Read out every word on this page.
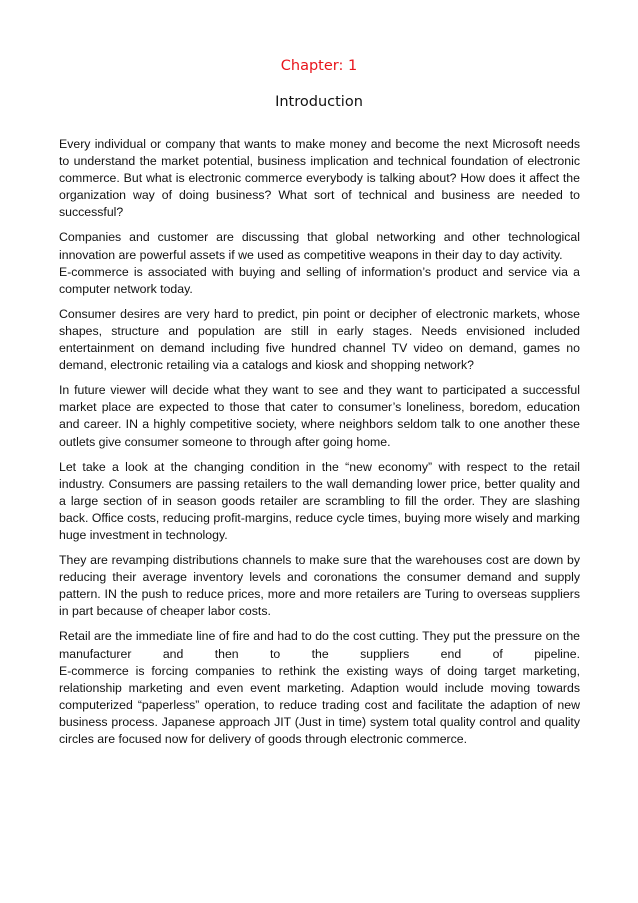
Chapter: 1
Introduction

Every individual or company that wants to make money and become the next Microsoft needs to understand the market potential, business implication and technical foundation of electronic commerce. But what is electronic commerce everybody is talking about? How does it affect the organization way of doing business? What sort of technical and business are needed to successful?

Companies and customer are discussing that global networking and other technological innovation are powerful assets if we used as competitive weapons in their day to day activity.
E-commerce is associated with buying and selling of information’s product and service via a computer network today.

Consumer desires are very hard to predict, pin point or decipher of electronic markets, whose shapes, structure and population are still in early stages. Needs envisioned included entertainment on demand including five hundred channel TV video on demand, games no demand, electronic retailing via a catalogs and kiosk and shopping network?

In future viewer will decide what they want to see and they want to participated a successful market place are expected to those that cater to consumer’s loneliness, boredom, education and career. IN a highly competitive society, where neighbors seldom talk to one another these outlets give consumer someone to through after going home.

Let take a look at the changing condition in the “new economy” with respect to the retail industry. Consumers are passing retailers to the wall demanding lower price, better quality and a large section of in season goods retailer are scrambling to fill the order. They are slashing back. Office costs, reducing profit-margins, reduce cycle times, buying more wisely and marking huge investment in technology.

They are revamping distributions channels to make sure that the warehouses cost are down by reducing their average inventory levels and coronations the consumer demand and supply pattern. IN the push to reduce prices, more and more retailers are Turing to overseas suppliers in part because of cheaper labor costs.

Retail are the immediate line of fire and had to do the cost cutting. They put the pressure on the manufacturer and then to the suppliers end of pipeline.
E-commerce is forcing companies to rethink the existing ways of doing target marketing, relationship marketing and even event marketing. Adaption would include moving towards computerized “paperless” operation, to reduce trading cost and facilitate the adaption of new business process. Japanese approach JIT (Just in time) system total quality control and quality circles are focused now for delivery of goods through electronic commerce.
